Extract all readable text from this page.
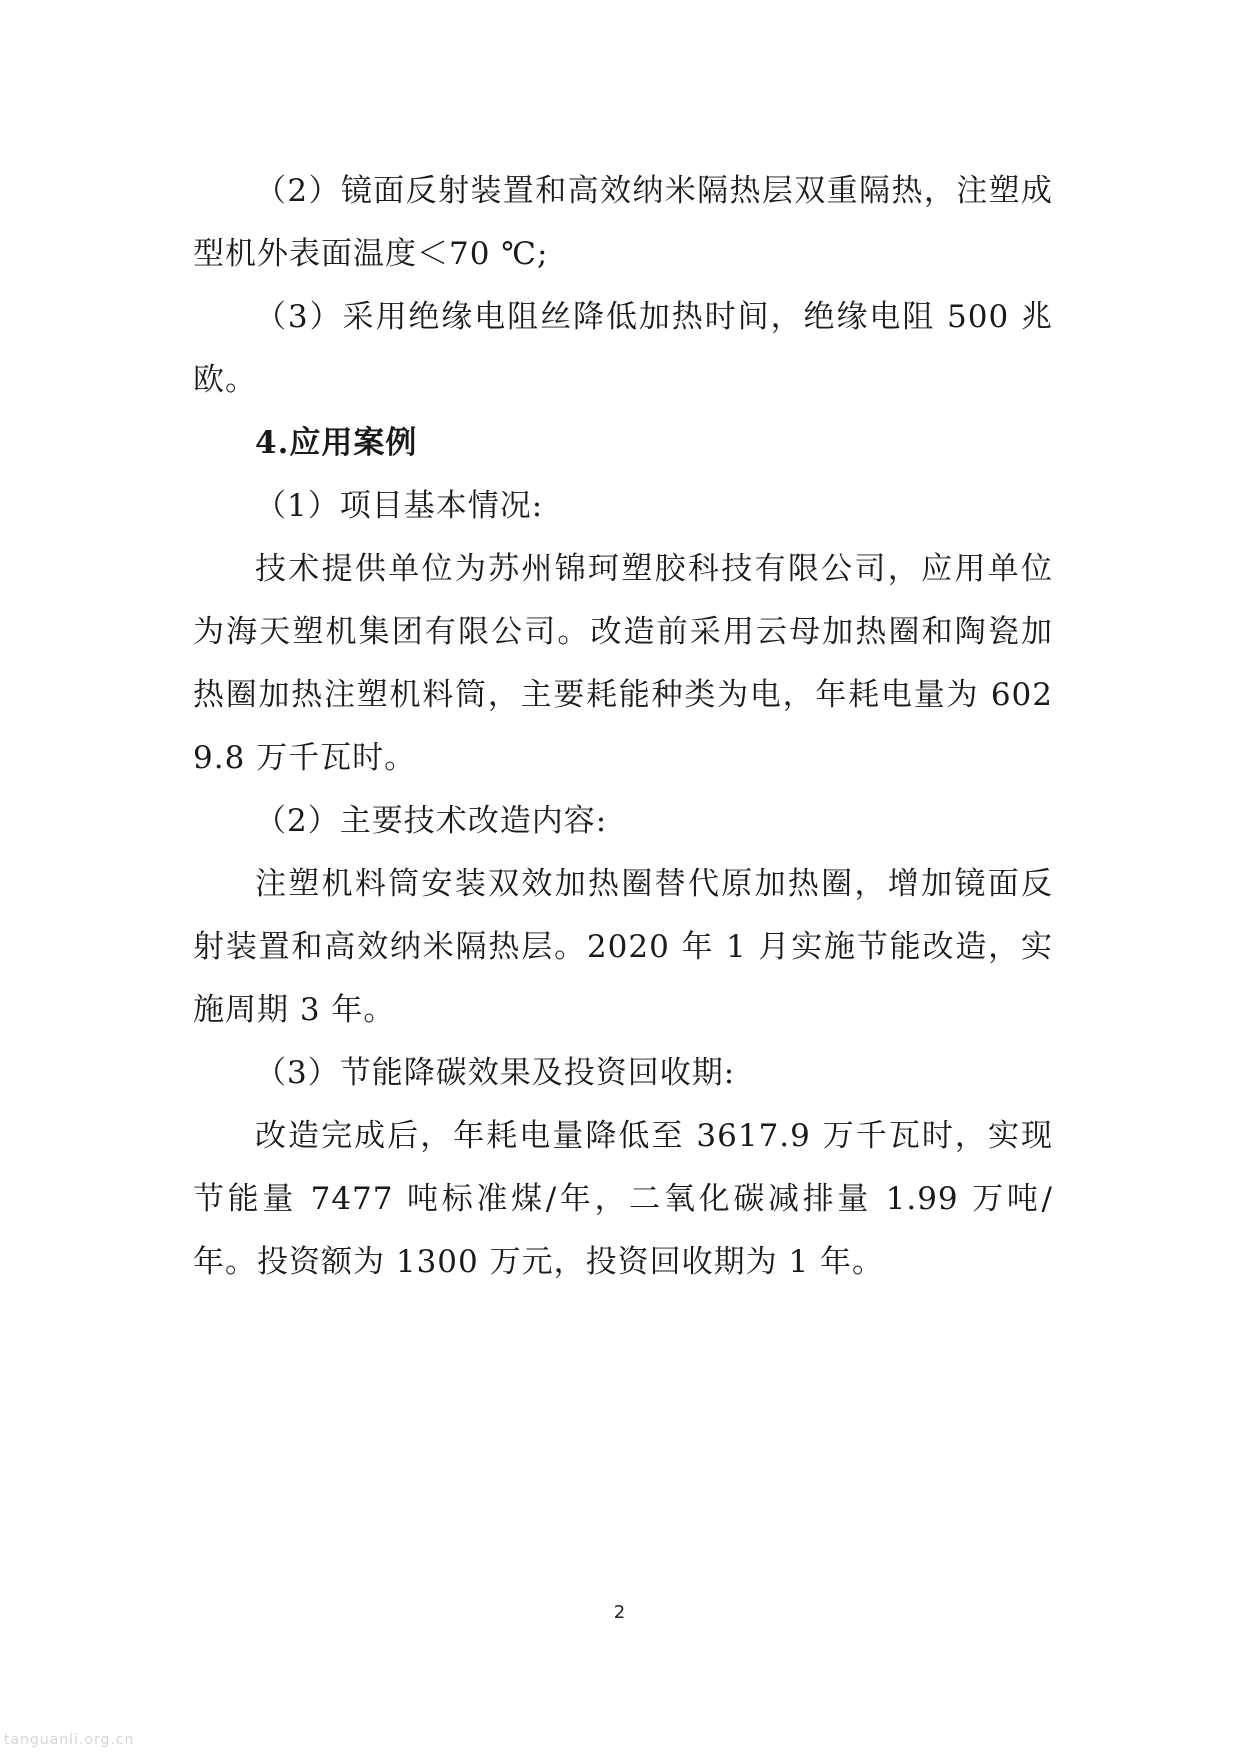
（2）镜面反射装置和高效纳米隔热层双重隔热，注塑成型机外表面温度＜70 ℃;

（3）采用绝缘电阻丝降低加热时间，绝缘电阻 500 兆欧。

4.应用案例

（1）项目基本情况:

技术提供单位为苏州锦珂塑胶科技有限公司，应用单位为海天塑机集团有限公司。改造前采用云母加热圈和陶瓷加热圈加热注塑机料筒，主要耗能种类为电，年耗电量为 6029.8 万千瓦时。

（2）主要技术改造内容:

注塑机料筒安装双效加热圈替代原加热圈，增加镜面反射装置和高效纳米隔热层。2020 年 1 月实施节能改造，实施周期 3 年。

（3）节能降碳效果及投资回收期:

改造完成后，年耗电量降低至 3617.9 万千瓦时，实现节能量 7477 吨标准煤/年，二氧化碳减排量 1.99 万吨/年。投资额为 1300 万元，投资回收期为 1 年。

2
tanguanli.org.cn
